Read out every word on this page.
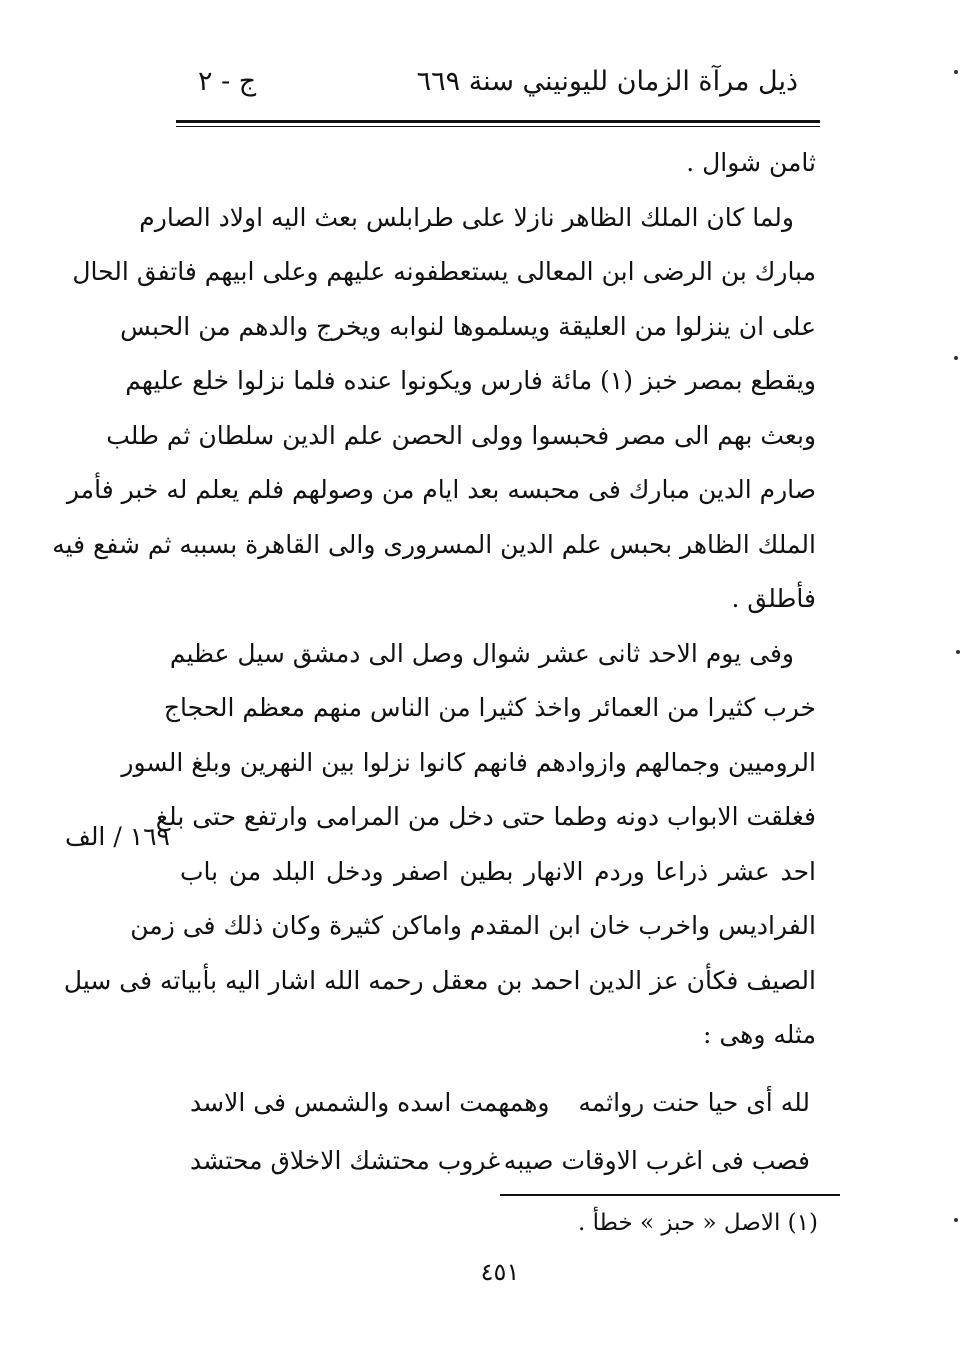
ذيل مرآة الزمان لليونيني سنة ٦٦٩
ج - ٢
ثامن شوال .
ولما كان الملك الظاهر نازلا على طرابلس بعث اليه اولاد الصارم
مبارك بن الرضى ابن المعالى يستعطفونه عليهم وعلى ابيهم فاتفق الحال
على ان ينزلوا من العليقة ويسلموها لنوابه ويخرج والدهم من الحبس
ويقطع بمصر خبز (١) مائة فارس ويكونوا عنده فلما نزلوا خلع عليهم
وبعث بهم الى مصر فحبسوا وولى الحصن علم الدين سلطان ثم طلب
صارم الدين مبارك فى محبسه بعد ايام من وصولهم فلم يعلم له خبر فأمر
الملك الظاهر بحبس علم الدين المسرورى والى القاهرة بسببه ثم شفع فيه
فأطلق .
وفى يوم الاحد ثانى عشر شوال وصل الى دمشق سيل عظيم
خرب كثيرا من العمائر واخذ كثيرا من الناس منهم معظم الحجاج
الروميين وجمالهم وازوادهم فانهم كانوا نزلوا بين النهرين وبلغ السور
فغلقت الابواب دونه وطما حتى دخل من المرامى وارتفع حتى بلغ
احد عشر ذراعا وردم الانهار بطين اصفر ودخل البلد من باب
الفراديس واخرب خان ابن المقدم واماكن كثيرة وكان ذلك فى زمن
الصيف فكأن عز الدين احمد بن معقل رحمه الله اشار اليه بأبياته فى سيل
مثله وهى :
١٦٩ / الف
لله أى حيا حنت رواثمه
وهمهمت اسده والشمس فى الاسد
فصب فى اغرب الاوقات صيبه
غروب محتشك الاخلاق محتشد
(١) الاصل « حبز » خطأ .
٤٥١
